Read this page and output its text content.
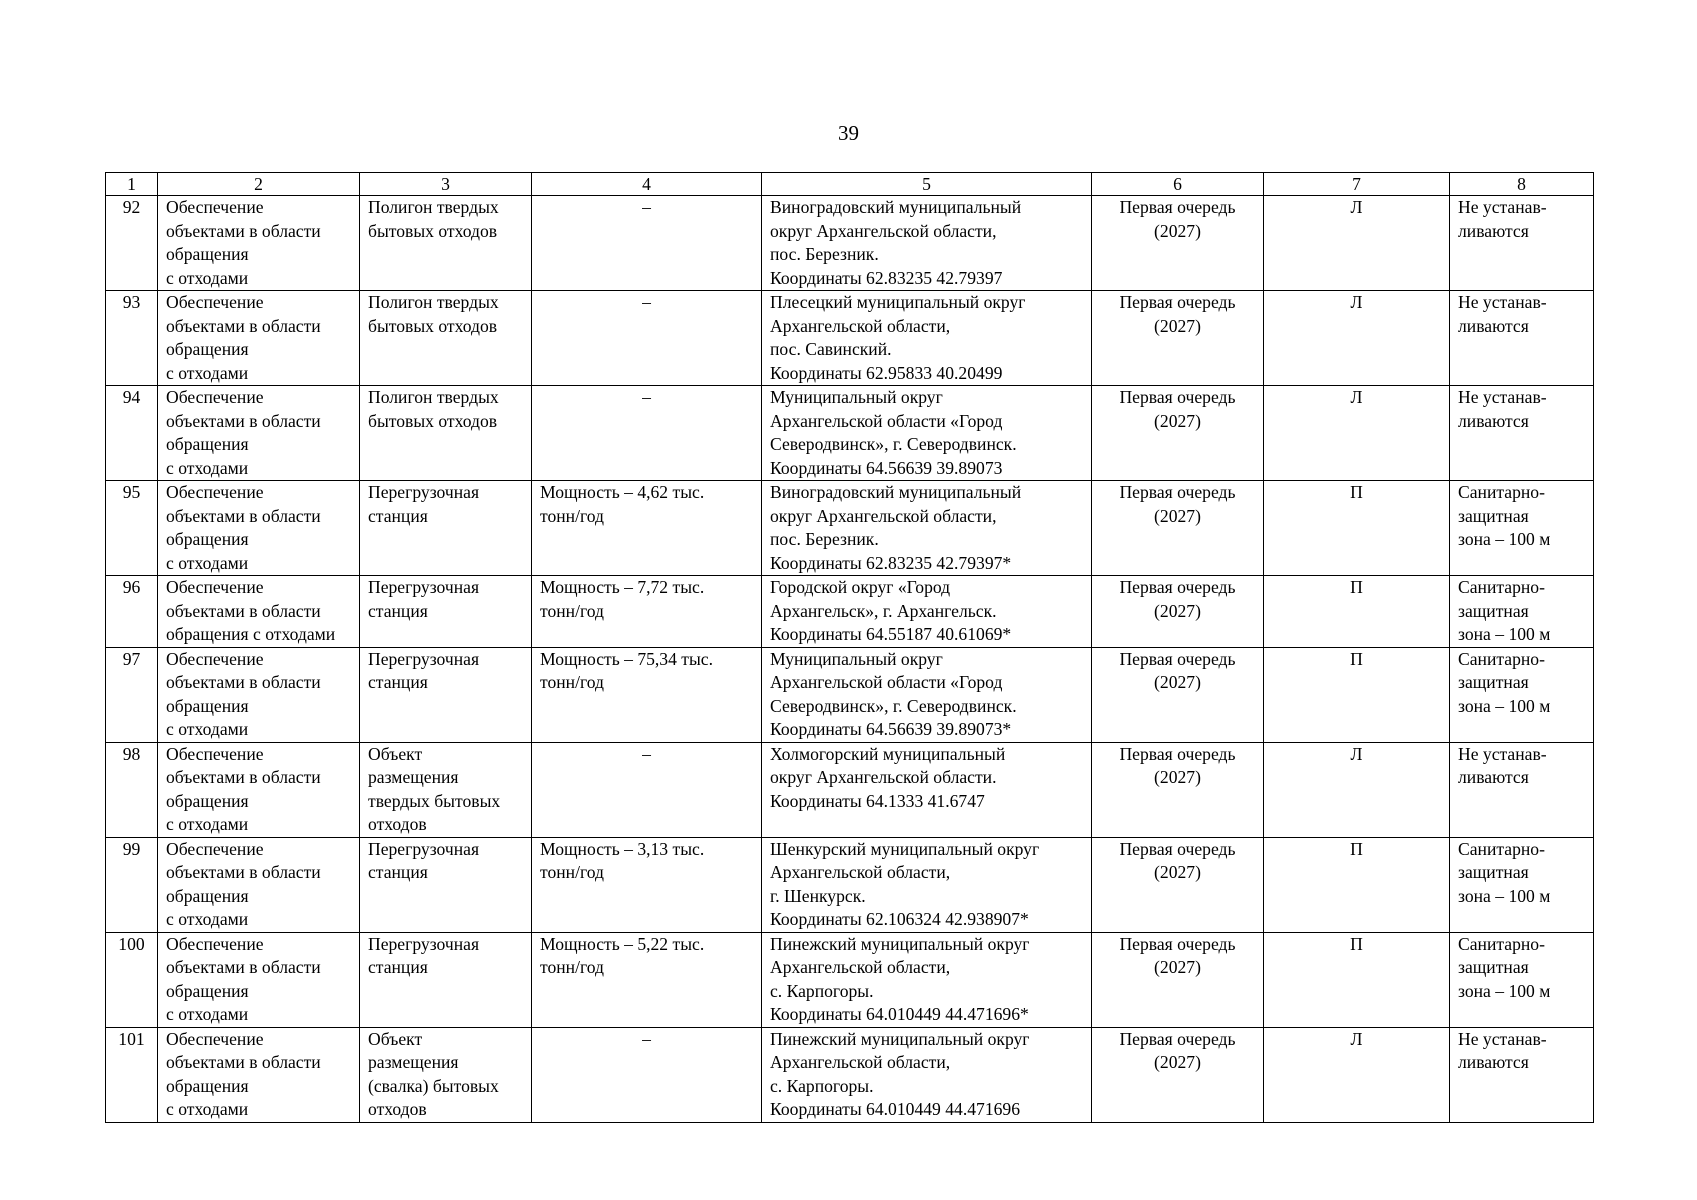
39
1	2	3	4	5	6	7	8
92	Обеспечение
объектами в области
обращения
с отходами	Полигон твердых
бытовых отходов	–	Виноградовский муниципальный
округ Архангельской области,
пос. Березник.
Координаты 62.83235 42.79397	Первая очередь
(2027)	Л	Не устанав-
ливаются

93	Обеспечение
объектами в области
обращения
с отходами	Полигон твердых
бытовых отходов	–	Плесецкий муниципальный округ
Архангельской области,
пос. Савинский.
Координаты 62.95833 40.20499	Первая очередь
(2027)	Л	Не устанав-
ливаются

94	Обеспечение
объектами в области
обращения
с отходами	Полигон твердых
бытовых отходов	–	Муниципальный округ
Архангельской области «Город
Северодвинск», г. Северодвинск.
Координаты 64.56639 39.89073	Первая очередь
(2027)	Л	Не устанав-
ливаются

95	Обеспечение
объектами в области
обращения
с отходами	Перегрузочная
станция	Мощность – 4,62 тыс.
тонн/год	Виноградовский муниципальный
округ Архангельской области,
пос. Березник.
Координаты 62.83235 42.79397*	Первая очередь
(2027)	П	Санитарно-
защитная
зона – 100 м

96	Обеспечение
объектами в области
обращения с отходами	Перегрузочная
станция	Мощность – 7,72 тыс.
тонн/год	Городской округ «Город
Архангельск», г. Архангельск.
Координаты 64.55187 40.61069*	Первая очередь
(2027)	П	Санитарно-
защитная
зона – 100 м

97	Обеспечение
объектами в области
обращения
с отходами	Перегрузочная
станция	Мощность – 75,34 тыс.
тонн/год	Муниципальный округ
Архангельской области «Город
Северодвинск», г. Северодвинск.
Координаты 64.56639 39.89073*	Первая очередь
(2027)	П	Санитарно-
защитная
зона – 100 м

98	Обеспечение
объектами в области
обращения
с отходами	Объект
размещения
твердых бытовых
отходов	–	Холмогорский муниципальный
округ Архангельской области.
Координаты 64.1333 41.6747	Первая очередь
(2027)	Л	Не устанав-
ливаются

99	Обеспечение
объектами в области
обращения
с отходами	Перегрузочная
станция	Мощность – 3,13 тыс.
тонн/год	Шенкурский муниципальный округ
Архангельской области,
г. Шенкурск.
Координаты 62.106324 42.938907*	Первая очередь
(2027)	П	Санитарно-
защитная
зона – 100 м

100	Обеспечение
объектами в области
обращения
с отходами	Перегрузочная
станция	Мощность – 5,22 тыс.
тонн/год	Пинежский муниципальный округ
Архангельской области,
с. Карпогоры.
Координаты 64.010449 44.471696*	Первая очередь
(2027)	П	Санитарно-
защитная
зона – 100 м

101	Обеспечение
объектами в области
обращения
с отходами	Объект
размещения
(свалка) бытовых
отходов	–	Пинежский муниципальный округ
Архангельской области,
с. Карпогоры.
Координаты 64.010449 44.471696	Первая очередь
(2027)	Л	Не устанав-
ливаются
